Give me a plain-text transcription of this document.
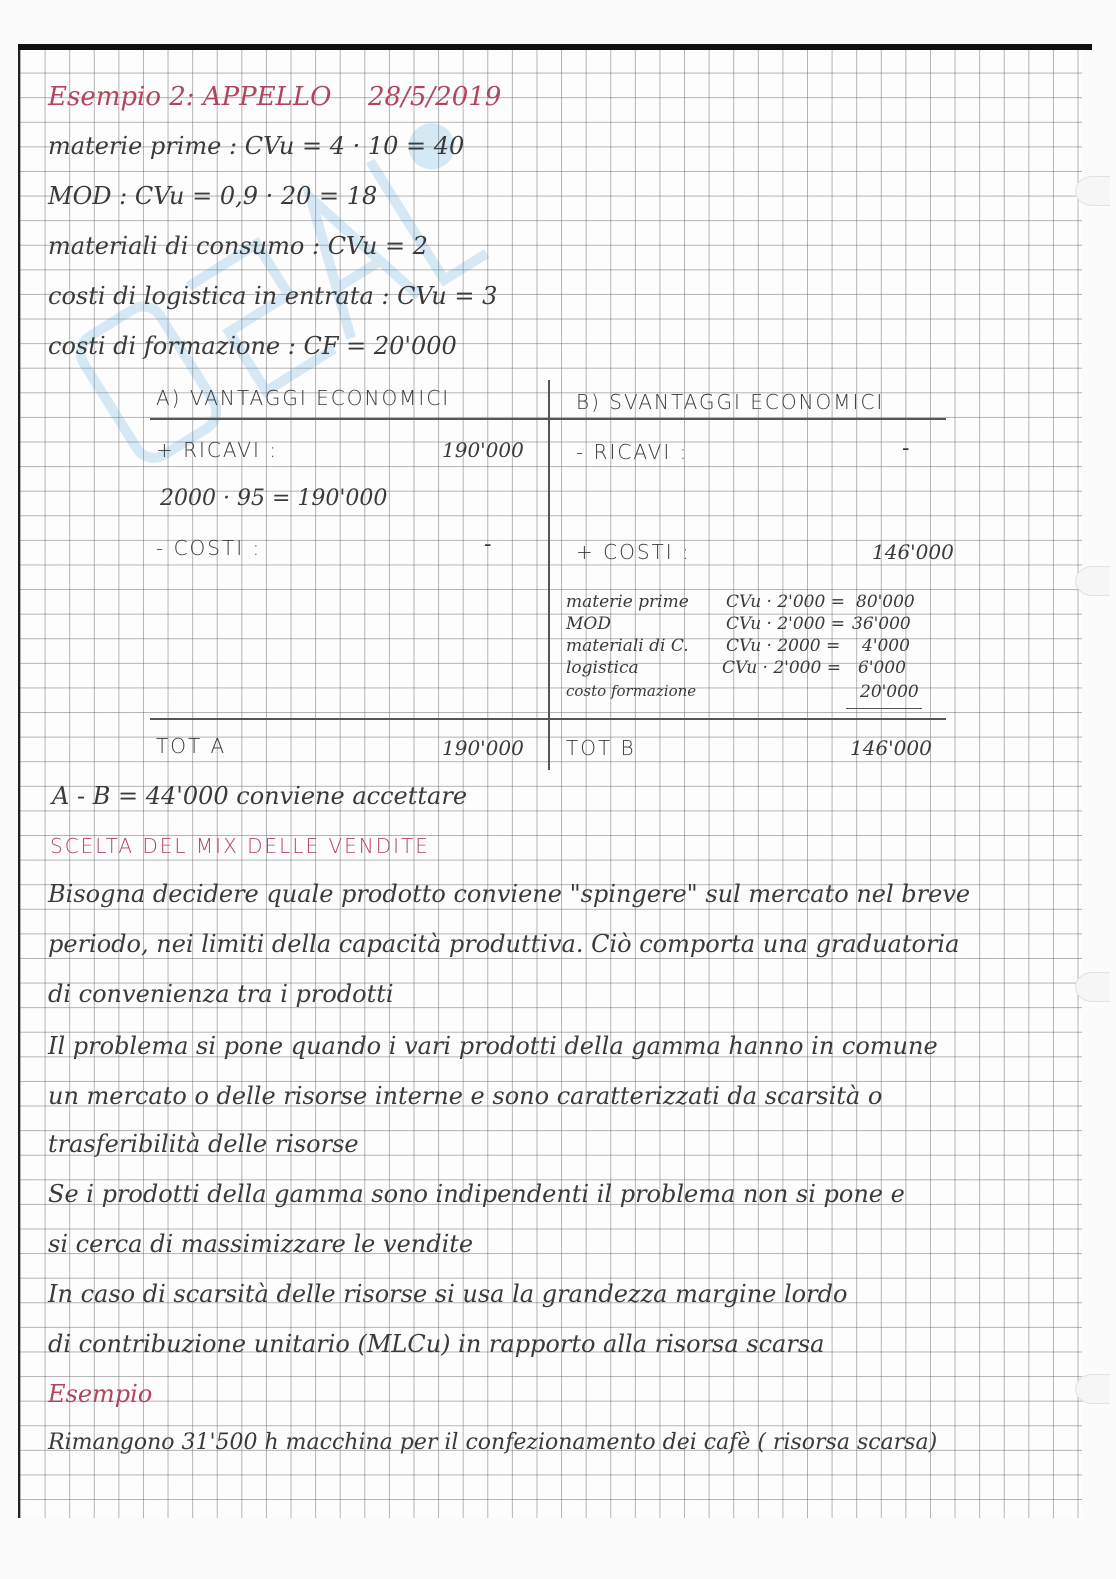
Esempio 2: APPELLO 28/5/2019
materie prime : CVu = 4 · 10 = 40
MOD : CVu = 0,9 · 20 = 18
materiali di consumo : CVu = 2
costi di logistica in entrata : CVu = 3
costi di formazione : CF = 20'000
A) VANTAGGI ECONOMICI	B) SVANTAGGI ECONOMICI
+ RICAVI :	190'000
2000 · 95 = 190'000
- COSTI :	-
- RICAVI :	-
+ COSTI :	146'000
materie prime CVu · 2'000 = 80'000
MOD	CVu · 2'000 = 36'000
materiali di C. CVu · 2000 = 4'000
logistica	CVu · 2'000 = 6'000
costo formazione	20'000
TOT A	190'000 TOT B	146'000
A - B = 44'000 conviene accettare
SCELTA DEL MIX DELLE VENDITE
Bisogna decidere quale prodotto conviene "spingere" sul mercato nel breve
periodo, nei limiti della capacità produttiva. Ciò comporta una graduatoria
di convenienza tra i prodotti
Il problema si pone quando i vari prodotti della gamma hanno in comune
un mercato o delle risorse interne e sono caratterizzati da scarsità o
trasferibilità delle risorse
Se i prodotti della gamma sono indipendenti il problema non si pone e
si cerca di massimizzare le vendite
In caso di scarsità delle risorse si usa la grandezza margine lordo
di contribuzione unitario (MLCu) in rapporto alla risorsa scarsa
Esempio
Rimangono 31'500 h macchina per il confezionamento dei cafè ( risorsa scarsa)
